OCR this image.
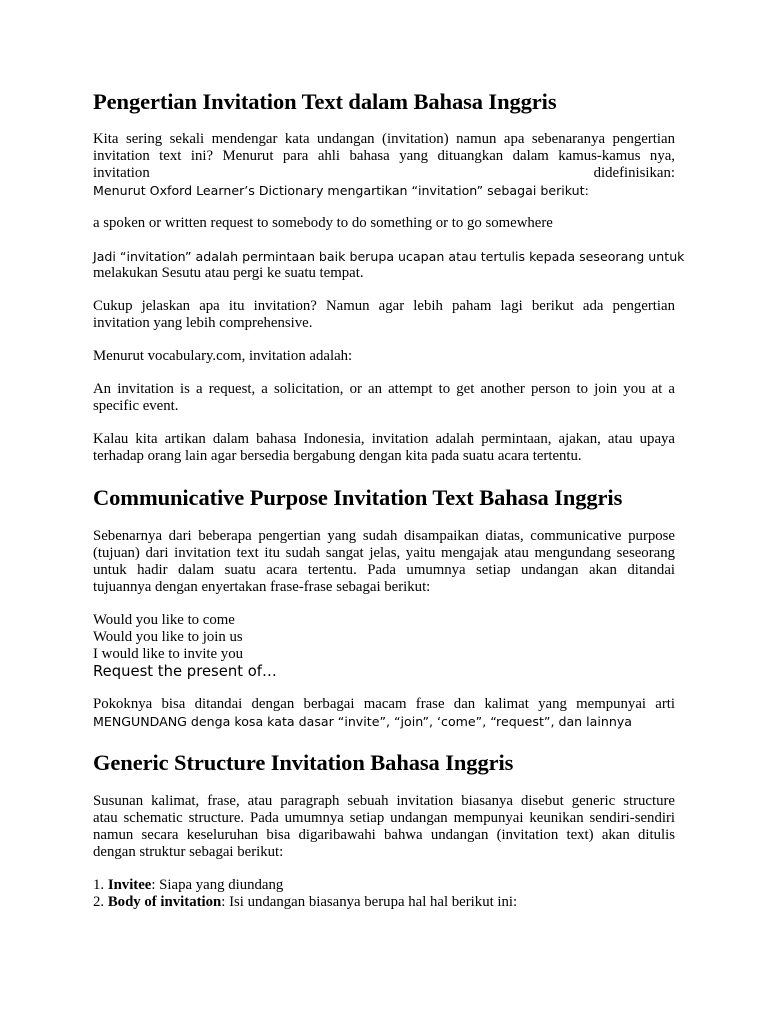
Pengertian Invitation Text dalam Bahasa Inggris

Kita sering sekali mendengar kata undangan (invitation) namun apa sebenaranya pengertian
invitation text ini? Menurut para ahli bahasa yang dituangkan dalam kamus-kamus nya,
invitation	didefinisikan:
Menurut Oxford Learner’s Dictionary mengartikan “invitation” sebagai berikut:

a spoken or written request to somebody to do something or to go somewhere

Jadi “invitation” adalah permintaan baik berupa ucapan atau tertulis kepada seseorang untuk
melakukan Sesutu atau pergi ke suatu tempat.

Cukup jelaskan apa itu invitation? Namun agar lebih paham lagi berikut ada pengertian
invitation yang lebih comprehensive.

Menurut vocabulary.com, invitation adalah:

An invitation is a request, a solicitation, or an attempt to get another person to join you at a
specific event.

Kalau kita artikan dalam bahasa Indonesia, invitation adalah permintaan, ajakan, atau upaya
terhadap orang lain agar bersedia bergabung dengan kita pada suatu acara tertentu.

Communicative Purpose Invitation Text Bahasa Inggris

Sebenarnya dari beberapa pengertian yang sudah disampaikan diatas, communicative purpose
(tujuan) dari invitation text itu sudah sangat jelas, yaitu mengajak atau mengundang seseorang
untuk hadir dalam suatu acara tertentu. Pada umumnya setiap undangan akan ditandai
tujuannya dengan enyertakan frase-frase sebagai berikut:

Would you like to come
Would you like to join us
I would like to invite you
Request the present of…

Pokoknya bisa ditandai dengan berbagai macam frase dan kalimat yang mempunyai arti
MENGUNDANG denga kosa kata dasar “invite”, “join”, ‘come”, “request”, dan lainnya

Generic Structure Invitation Bahasa Inggris

Susunan kalimat, frase, atau paragraph sebuah invitation biasanya disebut generic structure
atau schematic structure. Pada umumnya setiap undangan mempunyai keunikan sendiri-sendiri
namun secara keseluruhan bisa digaribawahi bahwa undangan (invitation text) akan ditulis
dengan struktur sebagai berikut:

1. Invitee: Siapa yang diundang
2. Body of invitation: Isi undangan biasanya berupa hal hal berikut ini:
